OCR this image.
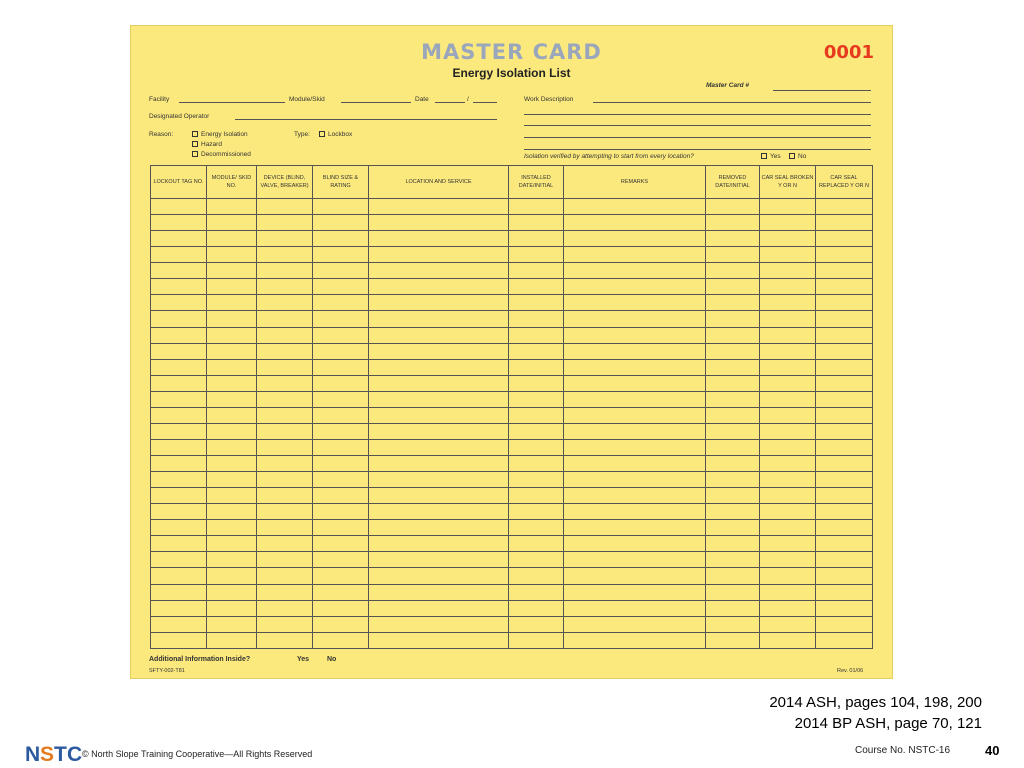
MASTER CARD
Energy Isolation List
0001
Master Card #
Facility	Module/Skid	Date	/	Work Description
Designated Operator
Reason:	Energy Isolation
Hazard
Decommissioned
Type:	Lockbox
Isolation verified by attempting to start from every location?	Yes	No
LOCKOUT TAG NO.	MODULE/ SKID NO.	DEVICE (BLIND, VALVE, BREAKER)	BLIND SIZE & RATING	LOCATION AND SERVICE	INSTALLED DATE/INITIAL	REMARKS	REMOVED DATE/INITIAL	CAR SEAL BROKEN Y OR N	CAR SEAL REPLACED Y OR N

Additional Information Inside?	Yes	No
SFTY-002-T81	Rev. 01/06
2014 ASH, pages 104, 198, 200
2014 BP ASH, page 70, 121
N S T C © North Slope Training Cooperative—All Rights Reserved	Course No. NSTC-16	40
